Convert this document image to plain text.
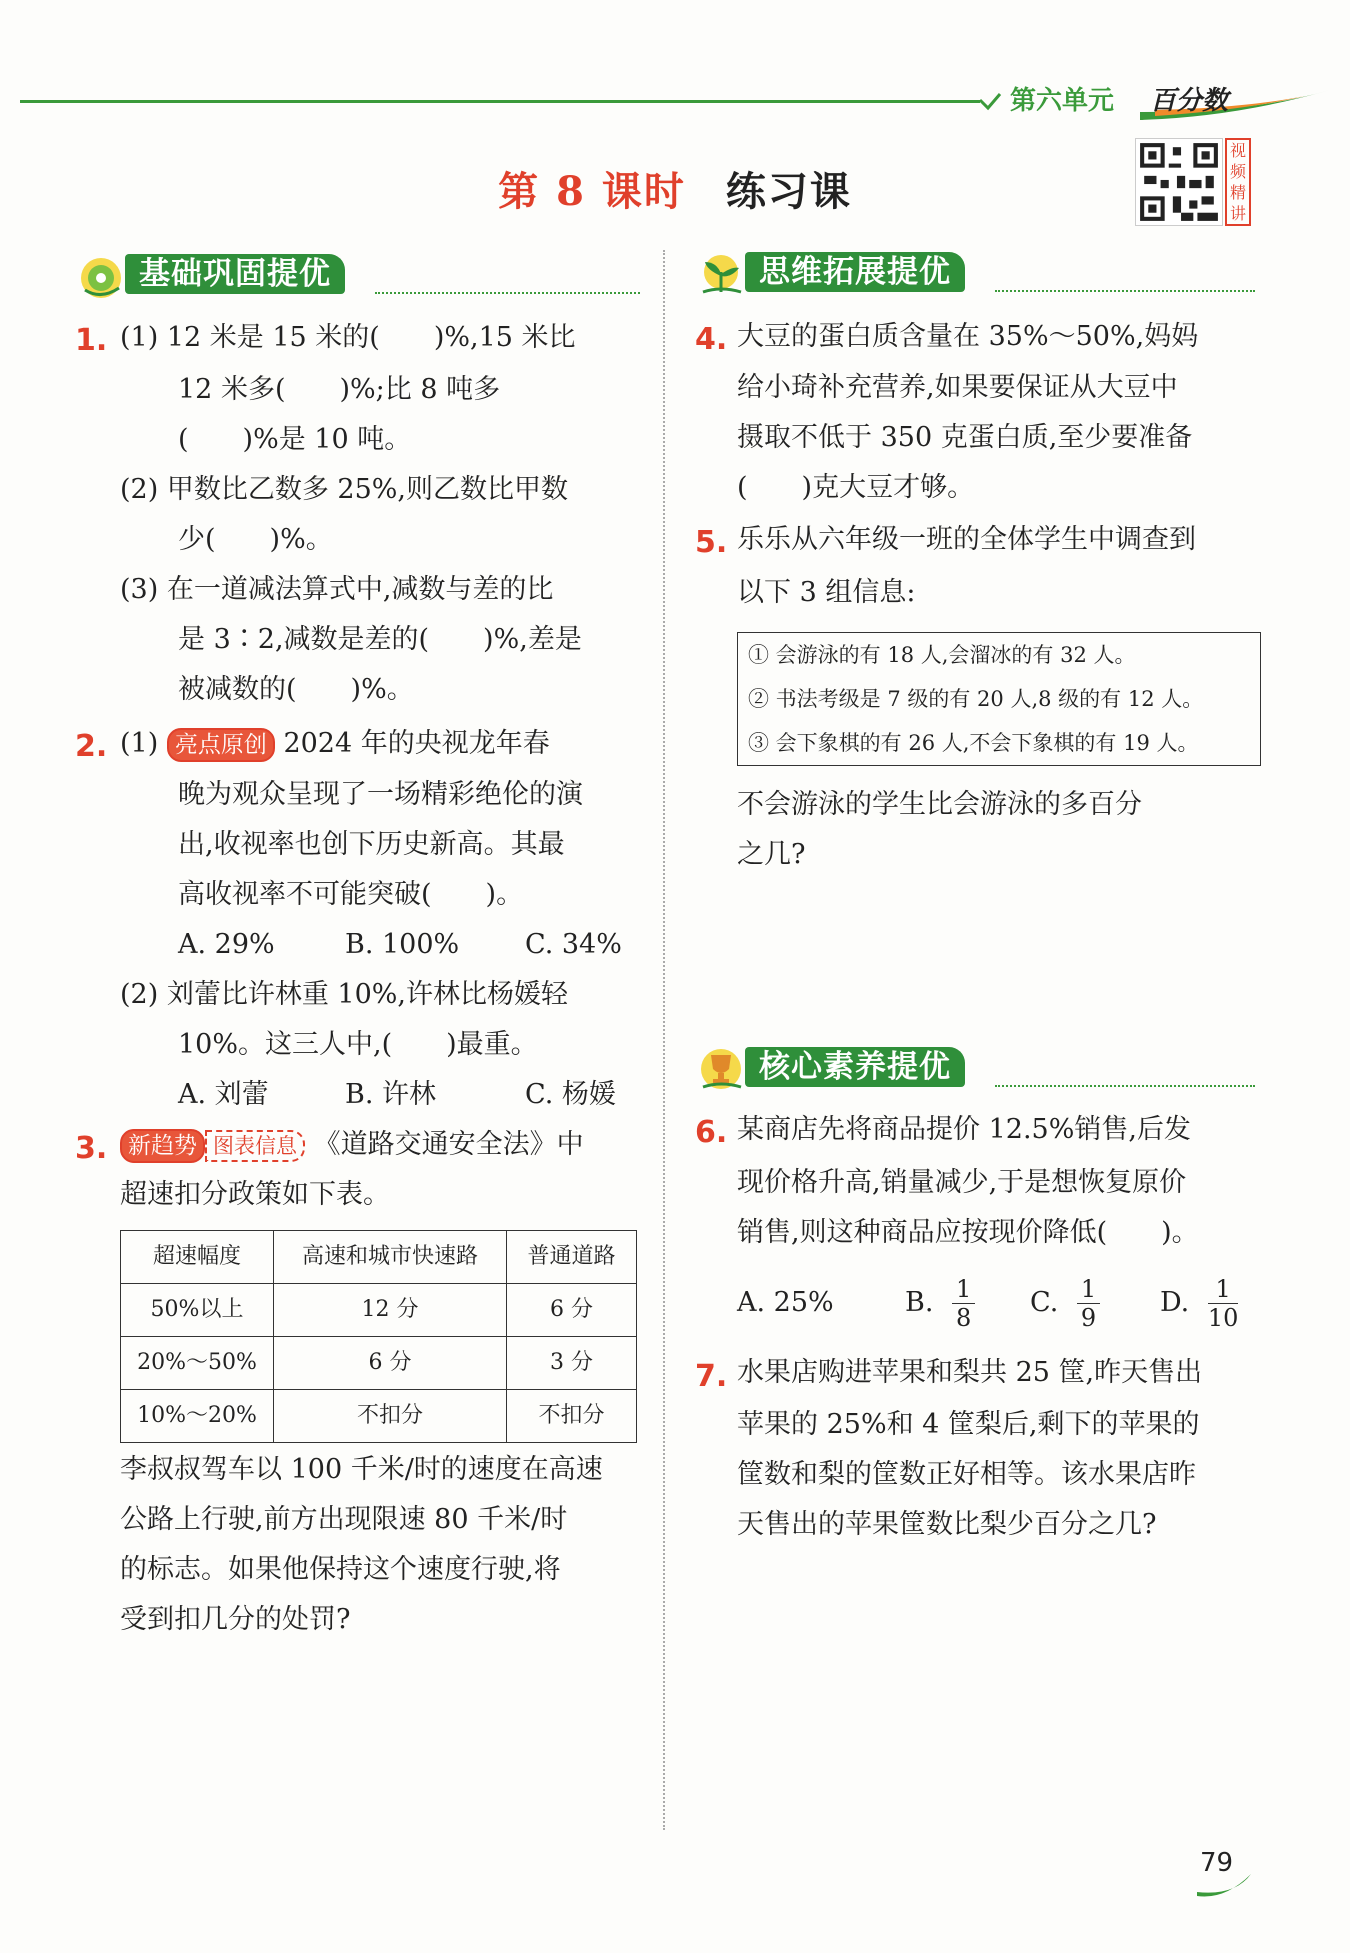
第六单元 百分数
第 8 课时 练习课
视
频
精
讲
基础巩固提优	思维拓展提优
核心素养提优
1. (1) 12 米是 15 米的(　　)%,15 米比
12 米多(　　)%;比 8 吨多
(　　)%是 10 吨。
(2) 甲数比乙数多 25%,则乙数比甲数
少(　　)%。
(3) 在一道减法算式中,减数与差的比
是 3∶2,减数是差的(　　)%,差是
被减数的(　　)%。
2. (1) 亮点原创 2024 年的央视龙年春
晚为观众呈现了一场精彩绝伦的演
出,收视率也创下历史新高。其最
高收视率不可能突破(　　)。
A. 29%	B. 100% C. 34%
(2) 刘蕾比许林重 10%,许林比杨媛轻
10%。这三人中,(　　)最重。
A. 刘蕾	B. 许林	C. 杨媛
3. 新趋势 图表信息 《道路交通安全法》中
超速扣分政策如下表。
超速幅度	高速和城市快速路	普通道路
50%以上	12 分	6 分
20%～50%	6 分	3 分
10%～20%	不扣分	不扣分
李叔叔驾车以 100 千米/时的速度在高速
公路上行驶,前方出现限速 80 千米/时
的标志。如果他保持这个速度行驶,将
受到扣几分的处罚?
4. 大豆的蛋白质含量在 35%～50%,妈妈
给小琦补充营养,如果要保证从大豆中
摄取不低于 350 克蛋白质,至少要准备
(　　)克大豆才够。
5. 乐乐从六年级一班的全体学生中调查到
以下 3 组信息:
① 会游泳的有 18 人,会溜冰的有 32 人。
② 书法考级是 7 级的有 20 人,8 级的有 12 人。
③ 会下象棋的有 26 人,不会下象棋的有 19 人。
不会游泳的学生比会游泳的多百分
之几?
6. 某商店先将商品提价 12.5%销售,后发
现价格升高,销量减少,于是想恢复原价
销售,则这种商品应按现价降低(　　)。
A. 25%	B. $\frac{1}{8} C$. $\frac{1}{9} D$. $\frac{1}{10}$
7. 水果店购进苹果和梨共 25 筐,昨天售出
苹果的 25%和 4 筐梨后,剩下的苹果的
筐数和梨的筐数正好相等。该水果店昨
天售出的苹果筐数比梨少百分之几?
79
